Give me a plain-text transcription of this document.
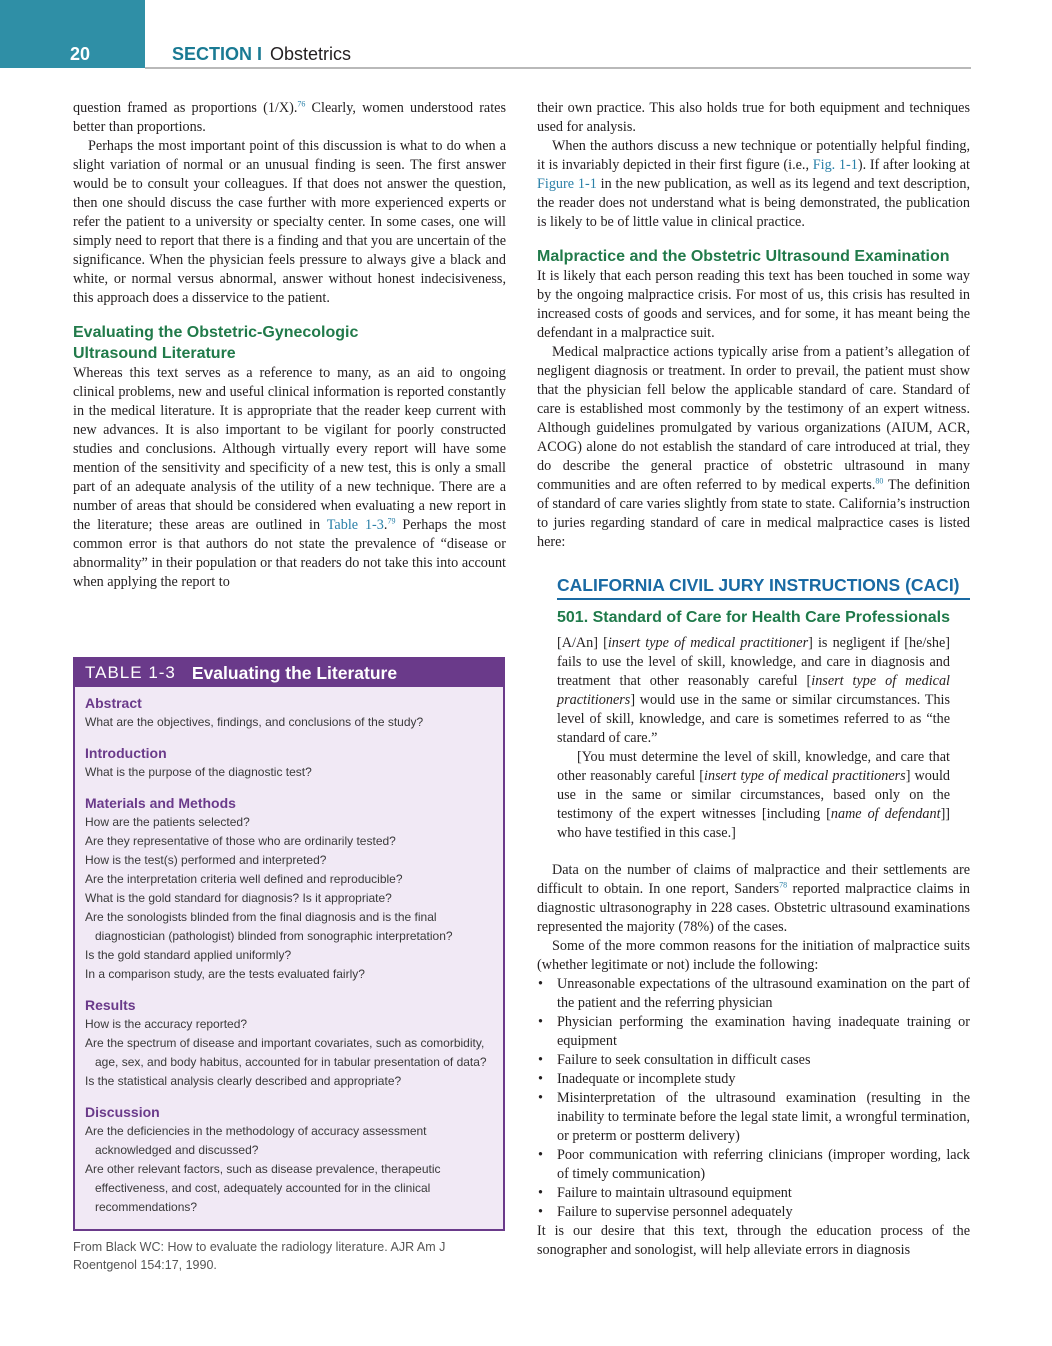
20	SECTION I Obstetrics

question framed as proportions (1/X).$^{76}$ Clearly, women understood rates better than proportions.

Perhaps the most important point of this discussion is what to do when a slight variation of normal or an unusual finding is seen. The first answer would be to consult your colleagues. If that does not answer the question, then one should discuss the case further with more experienced experts or refer the patient to a university or specialty center. In some cases, one will simply need to report that there is a finding and that you are uncertain of the significance. When the physician feels pressure to always give a black and white, or normal versus abnormal, answer without honest indecisiveness, this approach does a disservice to the patient.

Evaluating the Obstetric-Gynecologic
Ultrasound Literature

Whereas this text serves as a reference to many, as an aid to ongoing clinical problems, new and useful clinical information is reported constantly in the medical literature. It is appropriate that the reader keep current with new advances. It is also important to be vigilant for poorly constructed studies and conclusions. Although virtually every report will have some mention of the sensitivity and specificity of a new test, this is only a small part of an adequate analysis of the utility of a new technique. There are a number of areas that should be considered when evaluating a new report in the literature; these areas are outlined in Table 1-3.79 Perhaps the most common error is that authors do not state the prevalence of “disease or abnormality” in their population or that readers do not take this into account when applying the report to

TABLE 1-3 Evaluating the Literature
Abstract
What are the objectives, findings, and conclusions of the study?
Introduction
What is the purpose of the diagnostic test?
Materials and Methods
How are the patients selected?
Are they representative of those who are ordinarily tested?
How is the test(s) performed and interpreted?
Are the interpretation criteria well defined and reproducible?
What is the gold standard for diagnosis? Is it appropriate?
Are the sonologists blinded from the final diagnosis and is the final diagnostician (pathologist) blinded from sonographic interpretation?
Is the gold standard applied uniformly?
In a comparison study, are the tests evaluated fairly?
Results
How is the accuracy reported?
Are the spectrum of disease and important covariates, such as comorbidity, age, sex, and body habitus, accounted for in tabular presentation of data?
Is the statistical analysis clearly described and appropriate?
Discussion
Are the deficiencies in the methodology of accuracy assessment acknowledged and discussed?
Are other relevant factors, such as disease prevalence, therapeutic effectiveness, and cost, adequately accounted for in the clinical recommendations?
From Black WC: How to evaluate the radiology literature. AJR Am J Roentgenol 154:17, 1990.

their own practice. This also holds true for both equipment and techniques used for analysis.

When the authors discuss a new technique or potentially helpful finding, it is invariably depicted in their first figure (i.e., Fig. 1-1). If after looking at Figure 1-1 in the new publication, as well as its legend and text description, the reader does not understand what is being demonstrated, the publication is likely to be of little value in clinical practice.

Malpractice and the Obstetric Ultrasound Examination

It is likely that each person reading this text has been touched in some way by the ongoing malpractice crisis. For most of us, this crisis has resulted in increased costs of goods and services, and for some, it has meant being the defendant in a malpractice suit.

Medical malpractice actions typically arise from a patient’s allegation of negligent diagnosis or treatment. In order to prevail, the patient must show that the physician fell below the applicable standard of care. Standard of care is established most commonly by the testimony of an expert witness. Although guidelines promulgated by various organizations (AIUM, ACR, ACOG) alone do not establish the standard of care introduced at trial, they do describe the general practice of obstetric ultrasound in many communities and are often referred to by medical experts.$^{80}$ The definition of standard of care varies slightly from state to state. California’s instruction to juries regarding standard of care in medical malpractice cases is listed here:

CALIFORNIA CIVIL JURY INSTRUCTIONS (CACI)
501. Standard of Care for Health Care Professionals

[A/An] [insert type of medical practitioner] is negligent if [he/she] fails to use the level of skill, knowledge, and care in diagnosis and treatment that other reasonably careful [insert type of medical practitioners] would use in the same or similar circumstances. This level of skill, knowledge, and care is sometimes referred to as “the standard of care.”

[You must determine the level of skill, knowledge, and care that other reasonably careful [insert type of medical practitioners] would use in the same or similar circumstances, based only on the testimony of the expert witnesses [including [name of defendant]] who have testified in this case.]

Data on the number of claims of malpractice and their settlements are difficult to obtain. In one report, Sanders$^{78}$ reported malpractice claims in diagnostic ultrasonography in 228 cases. Obstetric ultrasound examinations represented the majority (78%) of the cases.

Some of the more common reasons for the initiation of malpractice suits (whether legitimate or not) include the following:

• Unreasonable expectations of the ultrasound examination on the part of the patient and the referring physician
• Physician performing the examination having inadequate training or equipment
• Failure to seek consultation in difficult cases
• Inadequate or incomplete study
• Misinterpretation of the ultrasound examination (resulting in the inability to terminate before the legal state limit, a wrongful termination, or preterm or postterm delivery)
• Poor communication with referring clinicians (improper wording, lack of timely communication)
• Failure to maintain ultrasound equipment
• Failure to supervise personnel adequately

It is our desire that this text, through the education process of the sonographer and sonologist, will help alleviate errors in diagnosis
